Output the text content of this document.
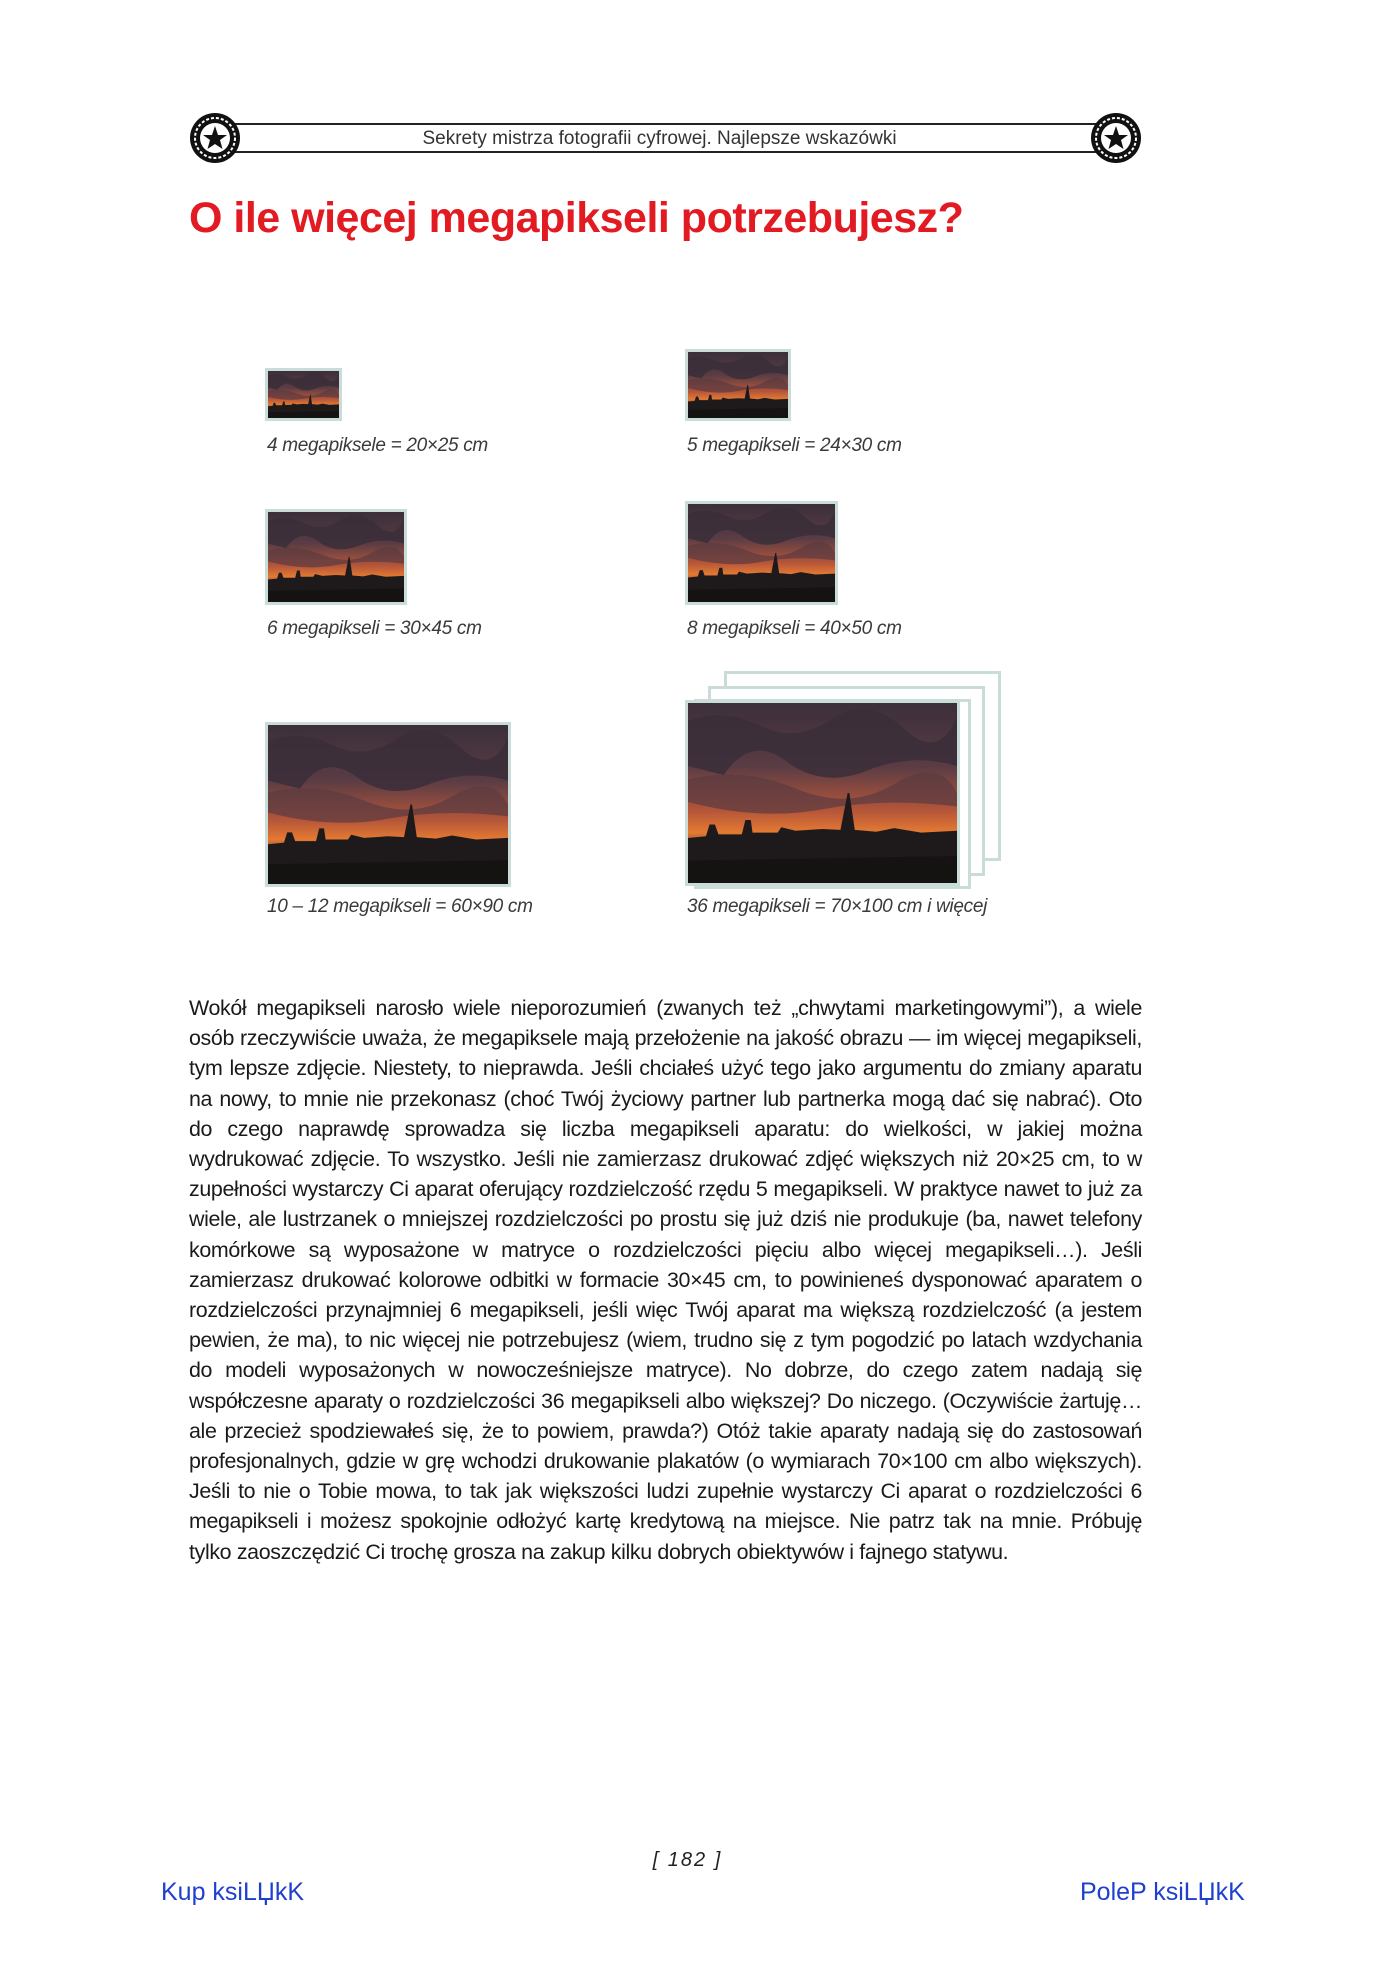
Sekrety mistrza fotografii cyfrowej. Najlepsze wskazówki
O ile więcej megapikseli potrzebujesz?
4 megapiksele = 20×25 cm	5 megapikseli = 24×30 cm
6 megapikseli = 30×45 cm	8 megapikseli = 40×50 cm
10 – 12 megapikseli = 60×90 cm	36 megapikseli = 70×100 cm i więcej

Wokół megapikseli narosło wiele nieporozumień (zwanych też „chwytami marketingowymi”), a wiele osób rzeczywiście uważa, że megapiksele mają przełożenie na jakość obrazu — im więcej megapikseli, tym lepsze zdjęcie. Niestety, to nieprawda. Jeśli chciałeś użyć tego jako argumentu do zmiany aparatu na nowy, to mnie nie przekonasz (choć Twój życiowy partner lub partnerka mogą dać się nabrać). Oto do czego naprawdę sprowadza się liczba megapikseli aparatu: do wielkości, w jakiej można wydrukować zdjęcie. To wszystko. Jeśli nie zamierzasz drukować zdjęć większych niż 20×25 cm, to w zupełności wystarczy Ci aparat oferujący rozdzielczość rzędu 5 megapikseli. W praktyce nawet to już za wiele, ale lustrzanek o mniejszej rozdzielczości po prostu się już dziś nie produkuje (ba, nawet telefony komórkowe są wyposażone w matryce o rozdzielczości pięciu albo więcej megapikseli…). Jeśli zamierzasz drukować kolorowe odbitki w formacie 30×45 cm, to powinieneś dysponować aparatem o rozdzielczości przynajmniej 6 megapikseli, jeśli więc Twój aparat ma większą rozdzielczość (a jestem pewien, że ma), to nic więcej nie potrzebujesz (wiem, trudno się z tym pogodzić po latach wzdychania do modeli wyposażonych w nowocześniejsze matryce). No dobrze, do czego zatem nadają się współczesne aparaty o rozdzielczości 36 megapikseli albo większej? Do niczego. (Oczywiście żartuję… ale przecież spodziewałeś się, że to powiem, prawda?) Otóż takie aparaty nadają się do zastosowań profesjonalnych, gdzie w grę wchodzi drukowanie plakatów (o wymiarach 70×100 cm albo większych). Jeśli to nie o Tobie mowa, to tak jak większości ludzi zupełnie wystarczy Ci aparat o rozdzielczości 6 megapikseli i możesz spokojnie odłożyć kartę kredytową na miejsce. Nie patrz tak na mnie. Próbuję tylko zaoszczędzić Ci trochę grosza na zakup kilku dobrych obiektywów i fajnego statywu.

[ 182 ]
Kup ksiLЏkK	PoleP ksiLЏkK
